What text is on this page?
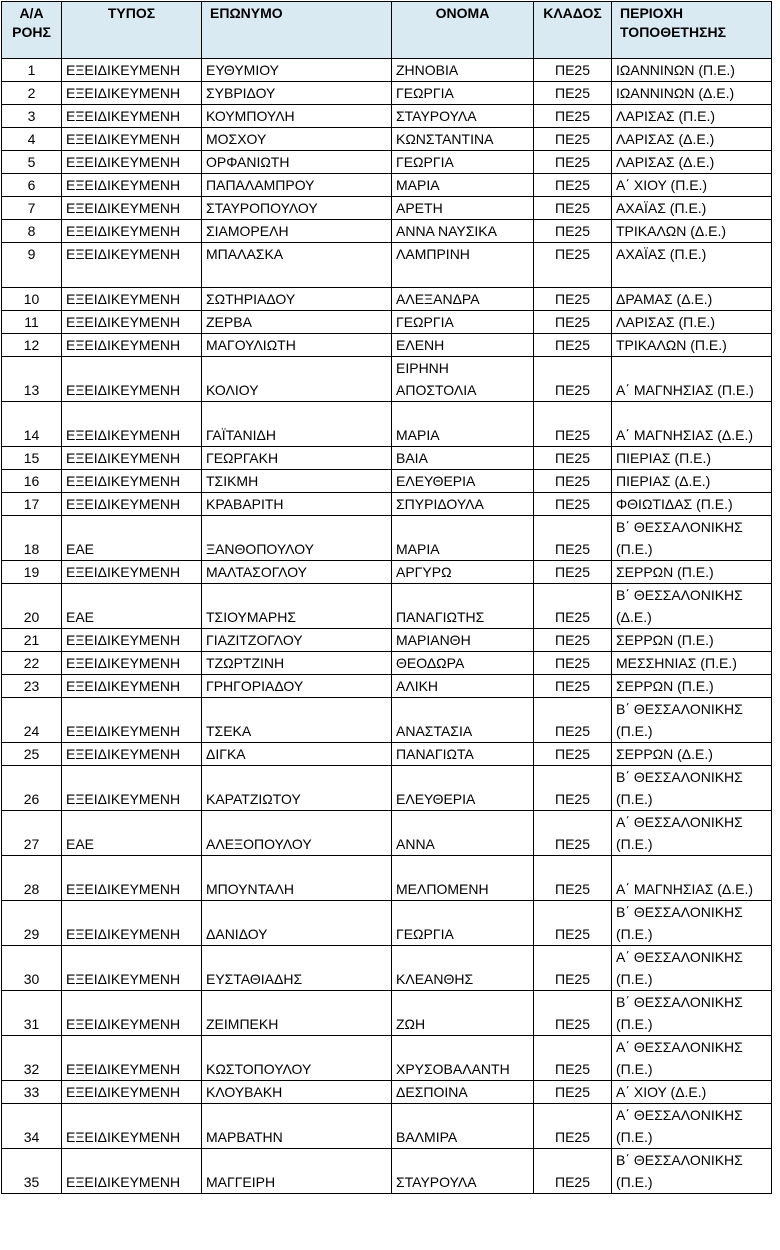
Α/Α ΡΟΗΣ	ΤΥΠΟΣ	ΕΠΩΝΥΜΟ	ΟΝΟΜΑ	ΚΛΑΔΟΣ	ΠΕΡΙΟΧΗ ΤΟΠΟΘΕΤΗΣΗΣ
1	ΕΞΕΙΔΙΚΕΥΜΕΝΗ	ΕΥΘΥΜΙΟΥ	ΖΗΝΟΒΙΑ	ΠΕ25	ΙΩΑΝΝΙΝΩΝ (Π.Ε.)
2	ΕΞΕΙΔΙΚΕΥΜΕΝΗ	ΣΥΒΡΙΔΟΥ	ΓΕΩΡΓΙΑ	ΠΕ25	ΙΩΑΝΝΙΝΩΝ (Δ.Ε.)
3	ΕΞΕΙΔΙΚΕΥΜΕΝΗ	ΚΟΥΜΠΟΥΛΗ	ΣΤΑΥΡΟΥΛΑ	ΠΕ25	ΛΑΡΙΣΑΣ (Π.Ε.)
4	ΕΞΕΙΔΙΚΕΥΜΕΝΗ	ΜΟΣΧΟΥ	ΚΩΝΣΤΑΝΤΙΝΑ	ΠΕ25	ΛΑΡΙΣΑΣ (Δ.Ε.)
5	ΕΞΕΙΔΙΚΕΥΜΕΝΗ	ΟΡΦΑΝΙΩΤΗ	ΓΕΩΡΓΙΑ	ΠΕ25	ΛΑΡΙΣΑΣ (Δ.Ε.)
6	ΕΞΕΙΔΙΚΕΥΜΕΝΗ	ΠΑΠΑΛΑΜΠΡΟΥ	ΜΑΡΙΑ	ΠΕ25	Α΄ ΧΙΟΥ (Π.Ε.)
7	ΕΞΕΙΔΙΚΕΥΜΕΝΗ	ΣΤΑΥΡΟΠΟΥΛΟΥ	ΑΡΕΤΗ	ΠΕ25	ΑΧΑΪΑΣ (Π.Ε.)
8	ΕΞΕΙΔΙΚΕΥΜΕΝΗ	ΣΙΑΜΟΡΕΛΗ	ΑΝΝΑ ΝΑΥΣΙΚΑ	ΠΕ25	ΤΡΙΚΑΛΩΝ (Δ.Ε.)
9	ΕΞΕΙΔΙΚΕΥΜΕΝΗ	ΜΠΑΛΑΣΚΑ	ΛΑΜΠΡΙΝΗ	ΠΕ25	ΑΧΑΪΑΣ (Π.Ε.)
10	ΕΞΕΙΔΙΚΕΥΜΕΝΗ	ΣΩΤΗΡΙΑΔΟΥ	ΑΛΕΞΑΝΔΡΑ	ΠΕ25	ΔΡΑΜΑΣ (Δ.Ε.)
11	ΕΞΕΙΔΙΚΕΥΜΕΝΗ	ΖΕΡΒΑ	ΓΕΩΡΓΙΑ	ΠΕ25	ΛΑΡΙΣΑΣ (Π.Ε.)
12	ΕΞΕΙΔΙΚΕΥΜΕΝΗ	ΜΑΓΟΥΛΙΩΤΗ	ΕΛΕΝΗ	ΠΕ25	ΤΡΙΚΑΛΩΝ (Π.Ε.)
13	ΕΞΕΙΔΙΚΕΥΜΕΝΗ	ΚΟΛΙΟΥ	ΕΙΡΗΝΗ ΑΠΟΣΤΟΛΙΑ	ΠΕ25	Α΄ ΜΑΓΝΗΣΙΑΣ (Π.Ε.)
14	ΕΞΕΙΔΙΚΕΥΜΕΝΗ	ΓΑΪΤΑΝΙΔΗ	ΜΑΡΙΑ	ΠΕ25	Α΄ ΜΑΓΝΗΣΙΑΣ (Δ.Ε.)
15	ΕΞΕΙΔΙΚΕΥΜΕΝΗ	ΓΕΩΡΓΑΚΗ	ΒΑΙΑ	ΠΕ25	ΠΙΕΡΙΑΣ (Π.Ε.)
16	ΕΞΕΙΔΙΚΕΥΜΕΝΗ	ΤΣΙΚΜΗ	ΕΛΕΥΘΕΡΙΑ	ΠΕ25	ΠΙΕΡΙΑΣ (Δ.Ε.)
17	ΕΞΕΙΔΙΚΕΥΜΕΝΗ	ΚΡΑΒΑΡΙΤΗ	ΣΠΥΡΙΔΟΥΛΑ	ΠΕ25	ΦΘΙΩΤΙΔΑΣ (Π.Ε.)
18	ΕΑΕ	ΞΑΝΘΟΠΟΥΛΟΥ	ΜΑΡΙΑ	ΠΕ25	Β΄ ΘΕΣΣΑΛΟΝΙΚΗΣ (Π.Ε.)
19	ΕΞΕΙΔΙΚΕΥΜΕΝΗ	ΜΑΛΤΑΣΟΓΛΟΥ	ΑΡΓΥΡΩ	ΠΕ25	ΣΕΡΡΩΝ (Π.Ε.)
20	ΕΑΕ	ΤΣΙΟΥΜΑΡΗΣ	ΠΑΝΑΓΙΩΤΗΣ	ΠΕ25	Β΄ ΘΕΣΣΑΛΟΝΙΚΗΣ (Δ.Ε.)
21	ΕΞΕΙΔΙΚΕΥΜΕΝΗ	ΓΙΑΖΙΤΖΟΓΛΟΥ	ΜΑΡΙΑΝΘΗ	ΠΕ25	ΣΕΡΡΩΝ (Π.Ε.)
22	ΕΞΕΙΔΙΚΕΥΜΕΝΗ	ΤΖΩΡΤΖΙΝΗ	ΘΕΟΔΩΡΑ	ΠΕ25	ΜΕΣΣΗΝΙΑΣ (Π.Ε.)
23	ΕΞΕΙΔΙΚΕΥΜΕΝΗ	ΓΡΗΓΟΡΙΑΔΟΥ	ΑΛΙΚΗ	ΠΕ25	ΣΕΡΡΩΝ (Π.Ε.)
24	ΕΞΕΙΔΙΚΕΥΜΕΝΗ	ΤΣΕΚΑ	ΑΝΑΣΤΑΣΙΑ	ΠΕ25	Β΄ ΘΕΣΣΑΛΟΝΙΚΗΣ (Π.Ε.)
25	ΕΞΕΙΔΙΚΕΥΜΕΝΗ	ΔΙΓΚΑ	ΠΑΝΑΓΙΩΤΑ	ΠΕ25	ΣΕΡΡΩΝ (Δ.Ε.)
26	ΕΞΕΙΔΙΚΕΥΜΕΝΗ	ΚΑΡΑΤΖΙΩΤΟΥ	ΕΛΕΥΘΕΡΙΑ	ΠΕ25	Β΄ ΘΕΣΣΑΛΟΝΙΚΗΣ (Π.Ε.)
27	ΕΑΕ	ΑΛΕΞΟΠΟΥΛΟΥ	ΑΝΝΑ	ΠΕ25	Α΄ ΘΕΣΣΑΛΟΝΙΚΗΣ (Π.Ε.)
28	ΕΞΕΙΔΙΚΕΥΜΕΝΗ	ΜΠΟΥΝΤΑΛΗ	ΜΕΛΠΟΜΕΝΗ	ΠΕ25	Α΄ ΜΑΓΝΗΣΙΑΣ (Δ.Ε.)
29	ΕΞΕΙΔΙΚΕΥΜΕΝΗ	ΔΑΝΙΔΟΥ	ΓΕΩΡΓΙΑ	ΠΕ25	Β΄ ΘΕΣΣΑΛΟΝΙΚΗΣ (Π.Ε.)
30	ΕΞΕΙΔΙΚΕΥΜΕΝΗ	ΕΥΣΤΑΘΙΑΔΗΣ	ΚΛΕΑΝΘΗΣ	ΠΕ25	Α΄ ΘΕΣΣΑΛΟΝΙΚΗΣ (Π.Ε.)
31	ΕΞΕΙΔΙΚΕΥΜΕΝΗ	ΖΕΙΜΠΕΚΗ	ΖΩΗ	ΠΕ25	Β΄ ΘΕΣΣΑΛΟΝΙΚΗΣ (Π.Ε.)
32	ΕΞΕΙΔΙΚΕΥΜΕΝΗ	ΚΩΣΤΟΠΟΥΛΟΥ	ΧΡΥΣΟΒΑΛΑΝΤΗ	ΠΕ25	Α΄ ΘΕΣΣΑΛΟΝΙΚΗΣ (Π.Ε.)
33	ΕΞΕΙΔΙΚΕΥΜΕΝΗ	ΚΛΟΥΒΑΚΗ	ΔΕΣΠΟΙΝΑ	ΠΕ25	Α΄ ΧΙΟΥ (Δ.Ε.)
34	ΕΞΕΙΔΙΚΕΥΜΕΝΗ	ΜΑΡΒΑΤΗΝ	ΒΑΛΜΙΡΑ	ΠΕ25	Α΄ ΘΕΣΣΑΛΟΝΙΚΗΣ (Π.Ε.)
35	ΕΞΕΙΔΙΚΕΥΜΕΝΗ	ΜΑΓΓΕΙΡΗ	ΣΤΑΥΡΟΥΛΑ	ΠΕ25	Β΄ ΘΕΣΣΑΛΟΝΙΚΗΣ (Π.Ε.)
